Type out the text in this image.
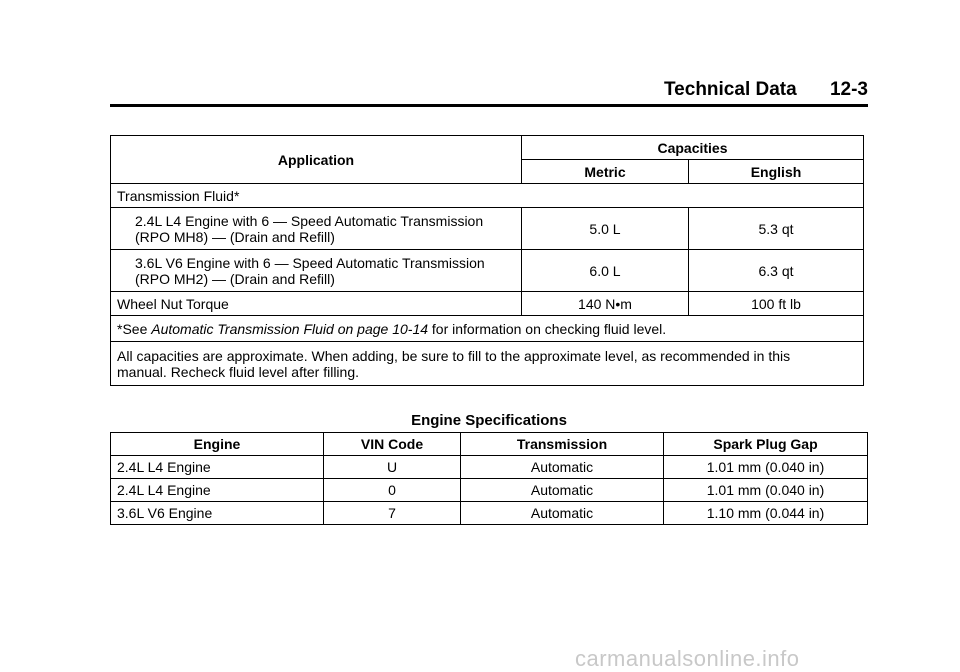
Technical Data 12-3
Application	Capacities	
	Metric	English
Transmission Fluid*		

2.4L L4 Engine with 6 — Speed Automatic Transmission
(RPO MH8) — (Drain and Refill)	5.0 L	5.3 qt

3.6L V6 Engine with 6 — Speed Automatic Transmission
(RPO MH2) — (Drain and Refill)	6.0 L	6.3 qt
Wheel Nut Torque	140 N•m	100 ft lb
*See Automatic Transmission Fluid on page 10-14 for information on checking fluid level.		

All capacities are approximate. When adding, be sure to fill to the approximate level, as recommended in this
manual. Recheck fluid level after filling.		
Engine Specifications
Engine	VIN Code	Transmission	Spark Plug Gap
2.4L L4 Engine	U	Automatic	1.01 mm (0.040 in)
2.4L L4 Engine	0	Automatic	1.01 mm (0.040 in)
3.6L V6 Engine	7	Automatic	1.10 mm (0.044 in)
carmanualsonline.info
